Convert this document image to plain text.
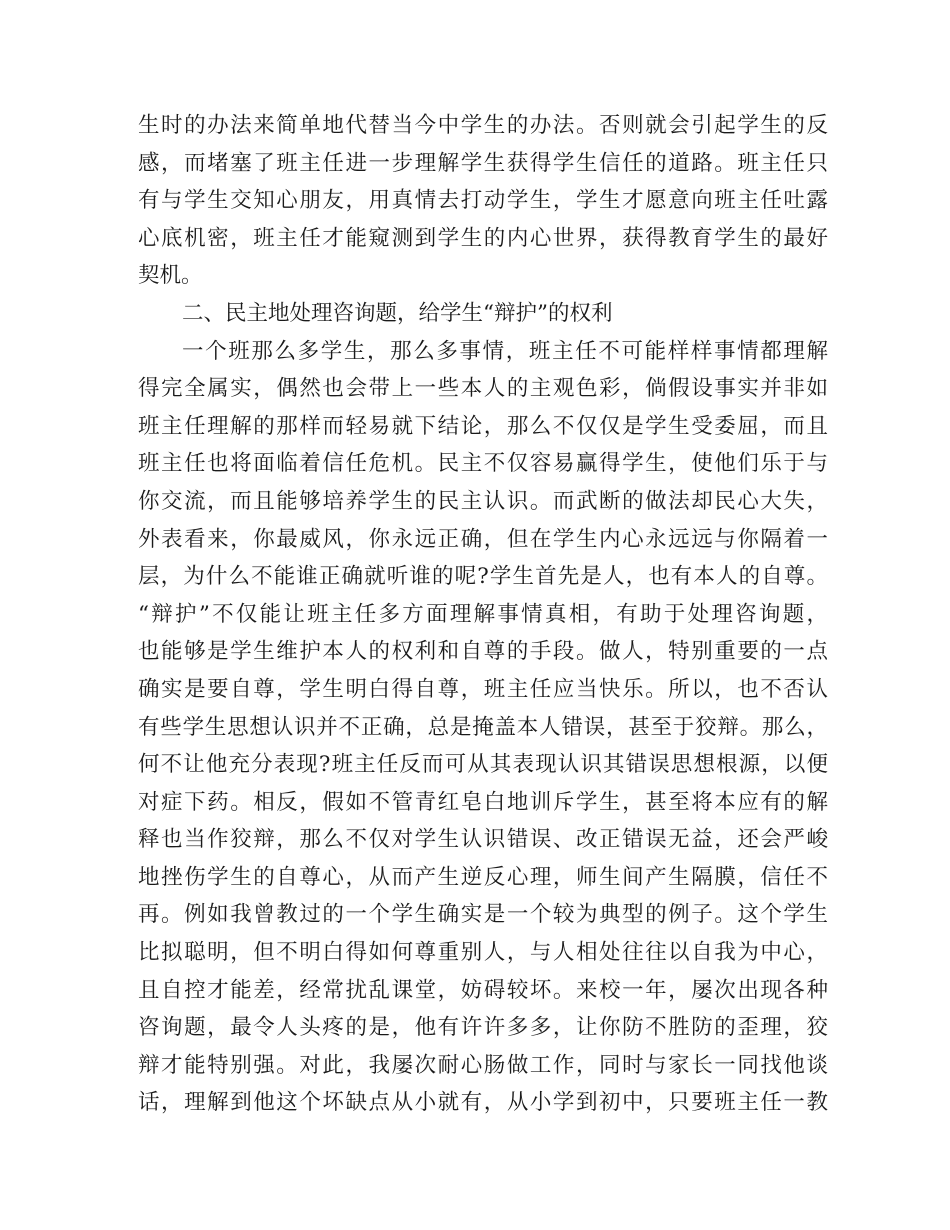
生时的办法来简单地代替当今中学生的办法。否则就会引起学生的反
感，而堵塞了班主任进一步理解学生获得学生信任的道路。班主任只
有与学生交知心朋友，用真情去打动学生，学生才愿意向班主任吐露
心底机密，班主任才能窥测到学生的内心世界，获得教育学生的最好
契机。
二、民主地处理咨询题，给学生“辩护”的权利
一个班那么多学生，那么多事情，班主任不可能样样事情都理解
得完全属实，偶然也会带上一些本人的主观色彩，倘假设事实并非如
班主任理解的那样而轻易就下结论，那么不仅仅是学生受委屈，而且
班主任也将面临着信任危机。民主不仅容易赢得学生，使他们乐于与
你交流，而且能够培养学生的民主认识。而武断的做法却民心大失，
外表看来，你最威风，你永远正确，但在学生内心永远远与你隔着一
层，为什么不能谁正确就听谁的呢?学生首先是人，也有本人的自尊。
“辩护”不仅能让班主任多方面理解事情真相，有助于处理咨询题，
也能够是学生维护本人的权利和自尊的手段。做人，特别重要的一点
确实是要自尊，学生明白得自尊，班主任应当快乐。所以，也不否认
有些学生思想认识并不正确，总是掩盖本人错误，甚至于狡辩。那么，
何不让他充分表现?班主任反而可从其表现认识其错误思想根源，以便
对症下药。相反，假如不管青红皂白地训斥学生，甚至将本应有的解
释也当作狡辩，那么不仅对学生认识错误、改正错误无益，还会严峻
地挫伤学生的自尊心，从而产生逆反心理，师生间产生隔膜，信任不
再。例如我曾教过的一个学生确实是一个较为典型的例子。这个学生
比拟聪明，但不明白得如何尊重别人，与人相处往往以自我为中心，
且自控才能差，经常扰乱课堂，妨碍较坏。来校一年，屡次出现各种
咨询题，最令人头疼的是，他有许许多多，让你防不胜防的歪理，狡
辩才能特别强。对此，我屡次耐心肠做工作，同时与家长一同找他谈
话，理解到他这个坏缺点从小就有，从小学到初中，只要班主任一教
